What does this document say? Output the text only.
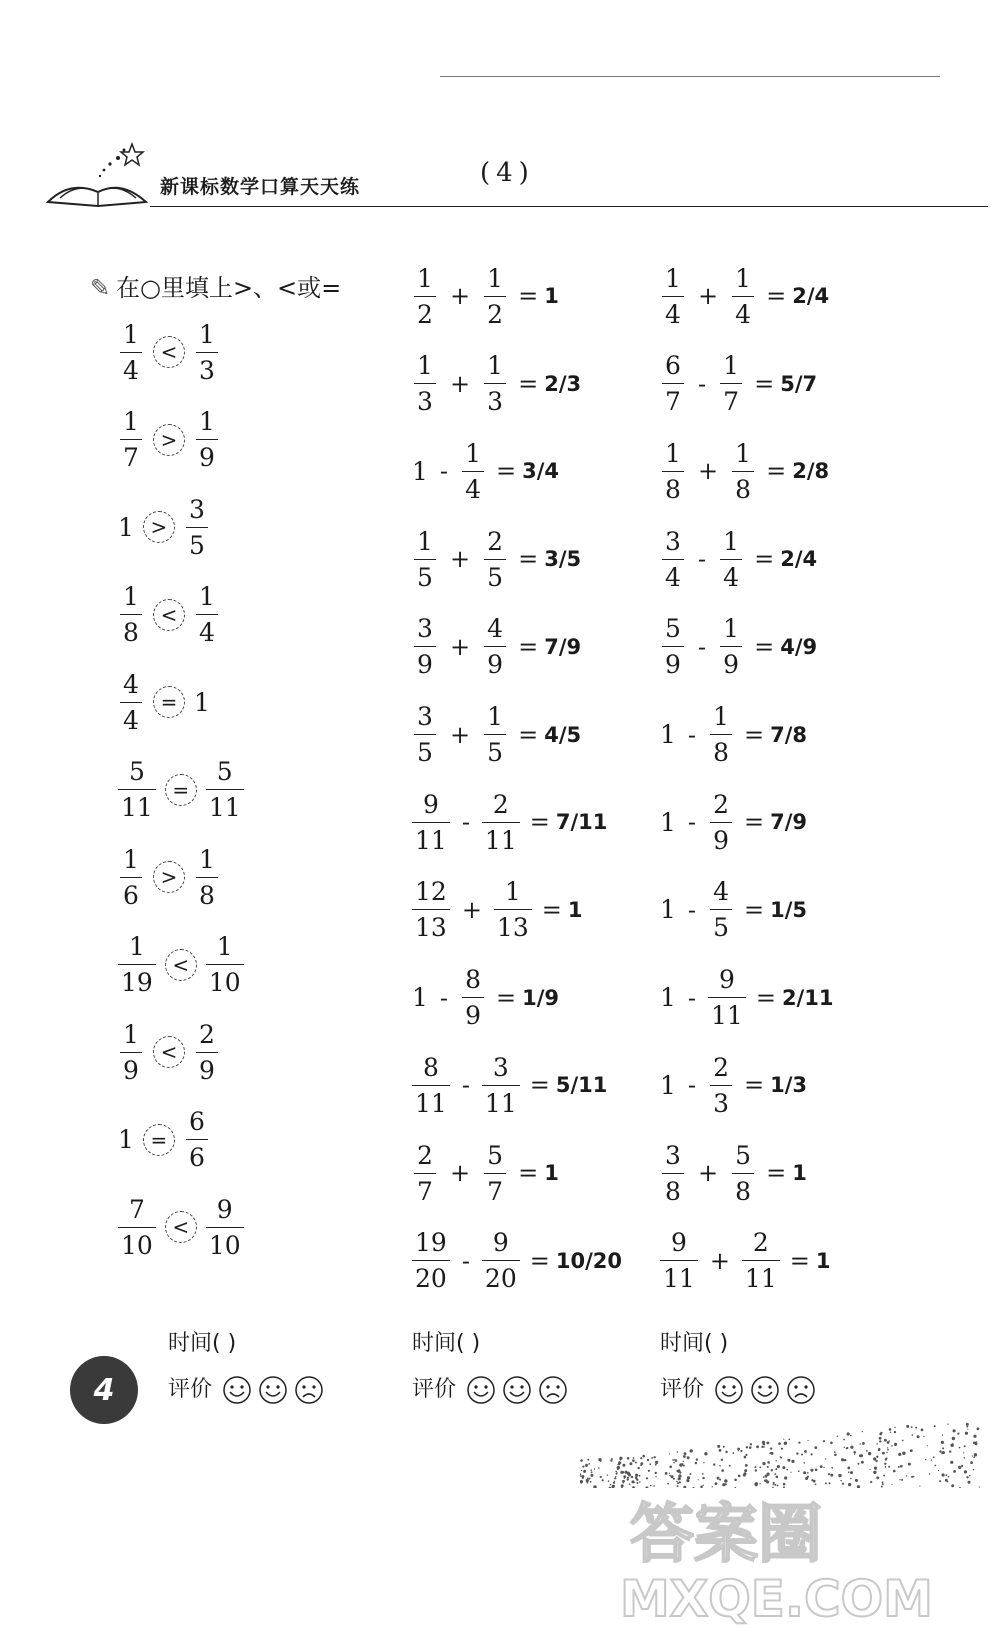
新课标数学口算天天练	(4)
✎ 在○里填上>、<或=
$\frac{1}{4} < \frac{1}{3}$
$\frac{1}{7} > \frac{1}{9}$
$1 > \frac{3}{5}$
$\frac{1}{8} < \frac{1}{4}$
$\frac{4}{4} = 1$
$\frac{5}{11} = \frac{5}{11}$
$\frac{1}{6} > \frac{1}{8}$
$\frac{1}{19} < \frac{1}{10}$
$\frac{1}{9} < \frac{2}{9}$
$1 = \frac{6}{6}$
$\frac{7}{10} < \frac{9}{10}$
$\frac{1}{2} + \frac{1}{2} = 1$
$\frac{1}{3} + \frac{1}{3} = 2/3$
$1 - \frac{1}{4} = 3/4$
$\frac{1}{5} + \frac{2}{5} = 3/5$
$\frac{3}{9} + \frac{4}{9} = 7/9$
$\frac{3}{5} + \frac{1}{5} = 4/5$
$\frac{9}{11} - \frac{2}{11} = 7/11$
$\frac{12}{13} + \frac{1}{13} = 1$
$1 - \frac{8}{9} = 1/9$
$\frac{8}{11} - \frac{3}{11} = 5/11$
$\frac{2}{7} + \frac{5}{7} = 1$
$\frac{19}{20} - \frac{9}{20} = 10/20$
$\frac{1}{4} + \frac{1}{4} = 2/4$
$\frac{6}{7} - \frac{1}{7} = 5/7$
$\frac{1}{8} + \frac{1}{8} = 2/8$
$\frac{3}{4} - \frac{1}{4} = 2/4$
$\frac{5}{9} - \frac{1}{9} = 4/9$
$1 - \frac{1}{8} = 7/8$
$1 - \frac{2}{9} = 7/9$
$1 - \frac{4}{5} = 1/5$
$1 - \frac{9}{11} = 2/11$
$1 - \frac{2}{3} = 1/3$
$\frac{3}{8} + \frac{5}{8} = 1$
$\frac{9}{11} + \frac{2}{11} = 1$
时间( )	时间( )	时间( )
评价	评价	评价
4
答案圈
MXQE.COM
